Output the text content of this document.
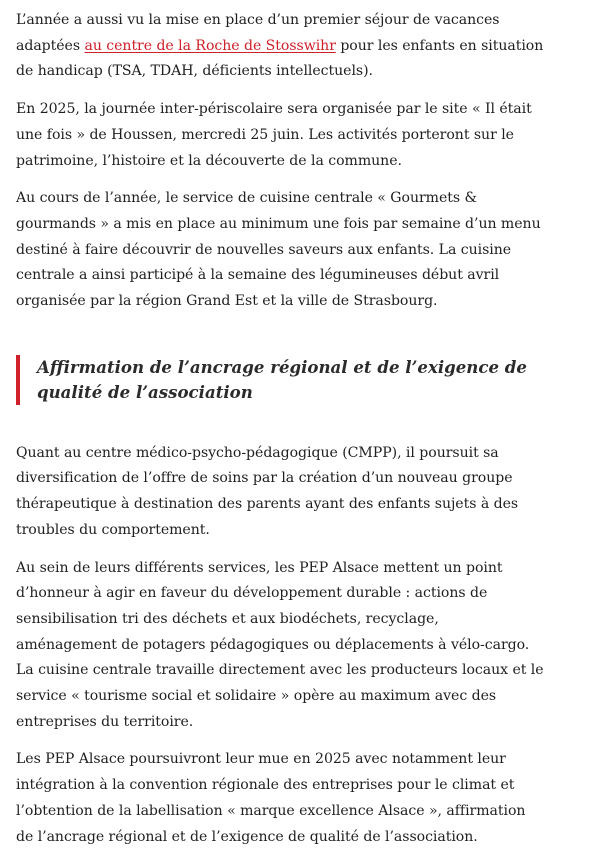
L’année a aussi vu la mise en place d’un premier séjour de vacances adaptées au centre de la Roche de Stosswihr pour les enfants en situation de handicap (TSA, TDAH, déficients intellectuels).

En 2025, la journée inter-périscolaire sera organisée par le site « Il était une fois » de Houssen, mercredi 25 juin. Les activités porteront sur le patrimoine, l’histoire et la découverte de la commune.

Au cours de l’année, le service de cuisine centrale « Gourmets & gourmands » a mis en place au minimum une fois par semaine d’un menu destiné à faire découvrir de nouvelles saveurs aux enfants. La cuisine centrale a ainsi participé à la semaine des légumineuses début avril organisée par la région Grand Est et la ville de Strasbourg.

Affirmation de l’ancrage régional et de l’exigence de qualité de l’association

Quant au centre médico-psycho-pédagogique (CMPP), il poursuit sa diversification de l’offre de soins par la création d’un nouveau groupe thérapeutique à destination des parents ayant des enfants sujets à des troubles du comportement.

Au sein de leurs différents services, les PEP Alsace mettent un point d’honneur à agir en faveur du développement durable : actions de sensibilisation tri des déchets et aux biodéchets, recyclage, aménagement de potagers pédagogiques ou déplacements à vélo-cargo. La cuisine centrale travaille directement avec les producteurs locaux et le service « tourisme social et solidaire » opère au maximum avec des entreprises du territoire.

Les PEP Alsace poursuivront leur mue en 2025 avec notamment leur intégration à la convention régionale des entreprises pour le climat et l’obtention de la labellisation « marque excellence Alsace », affirmation de l’ancrage régional et de l’exigence de qualité de l’association.
